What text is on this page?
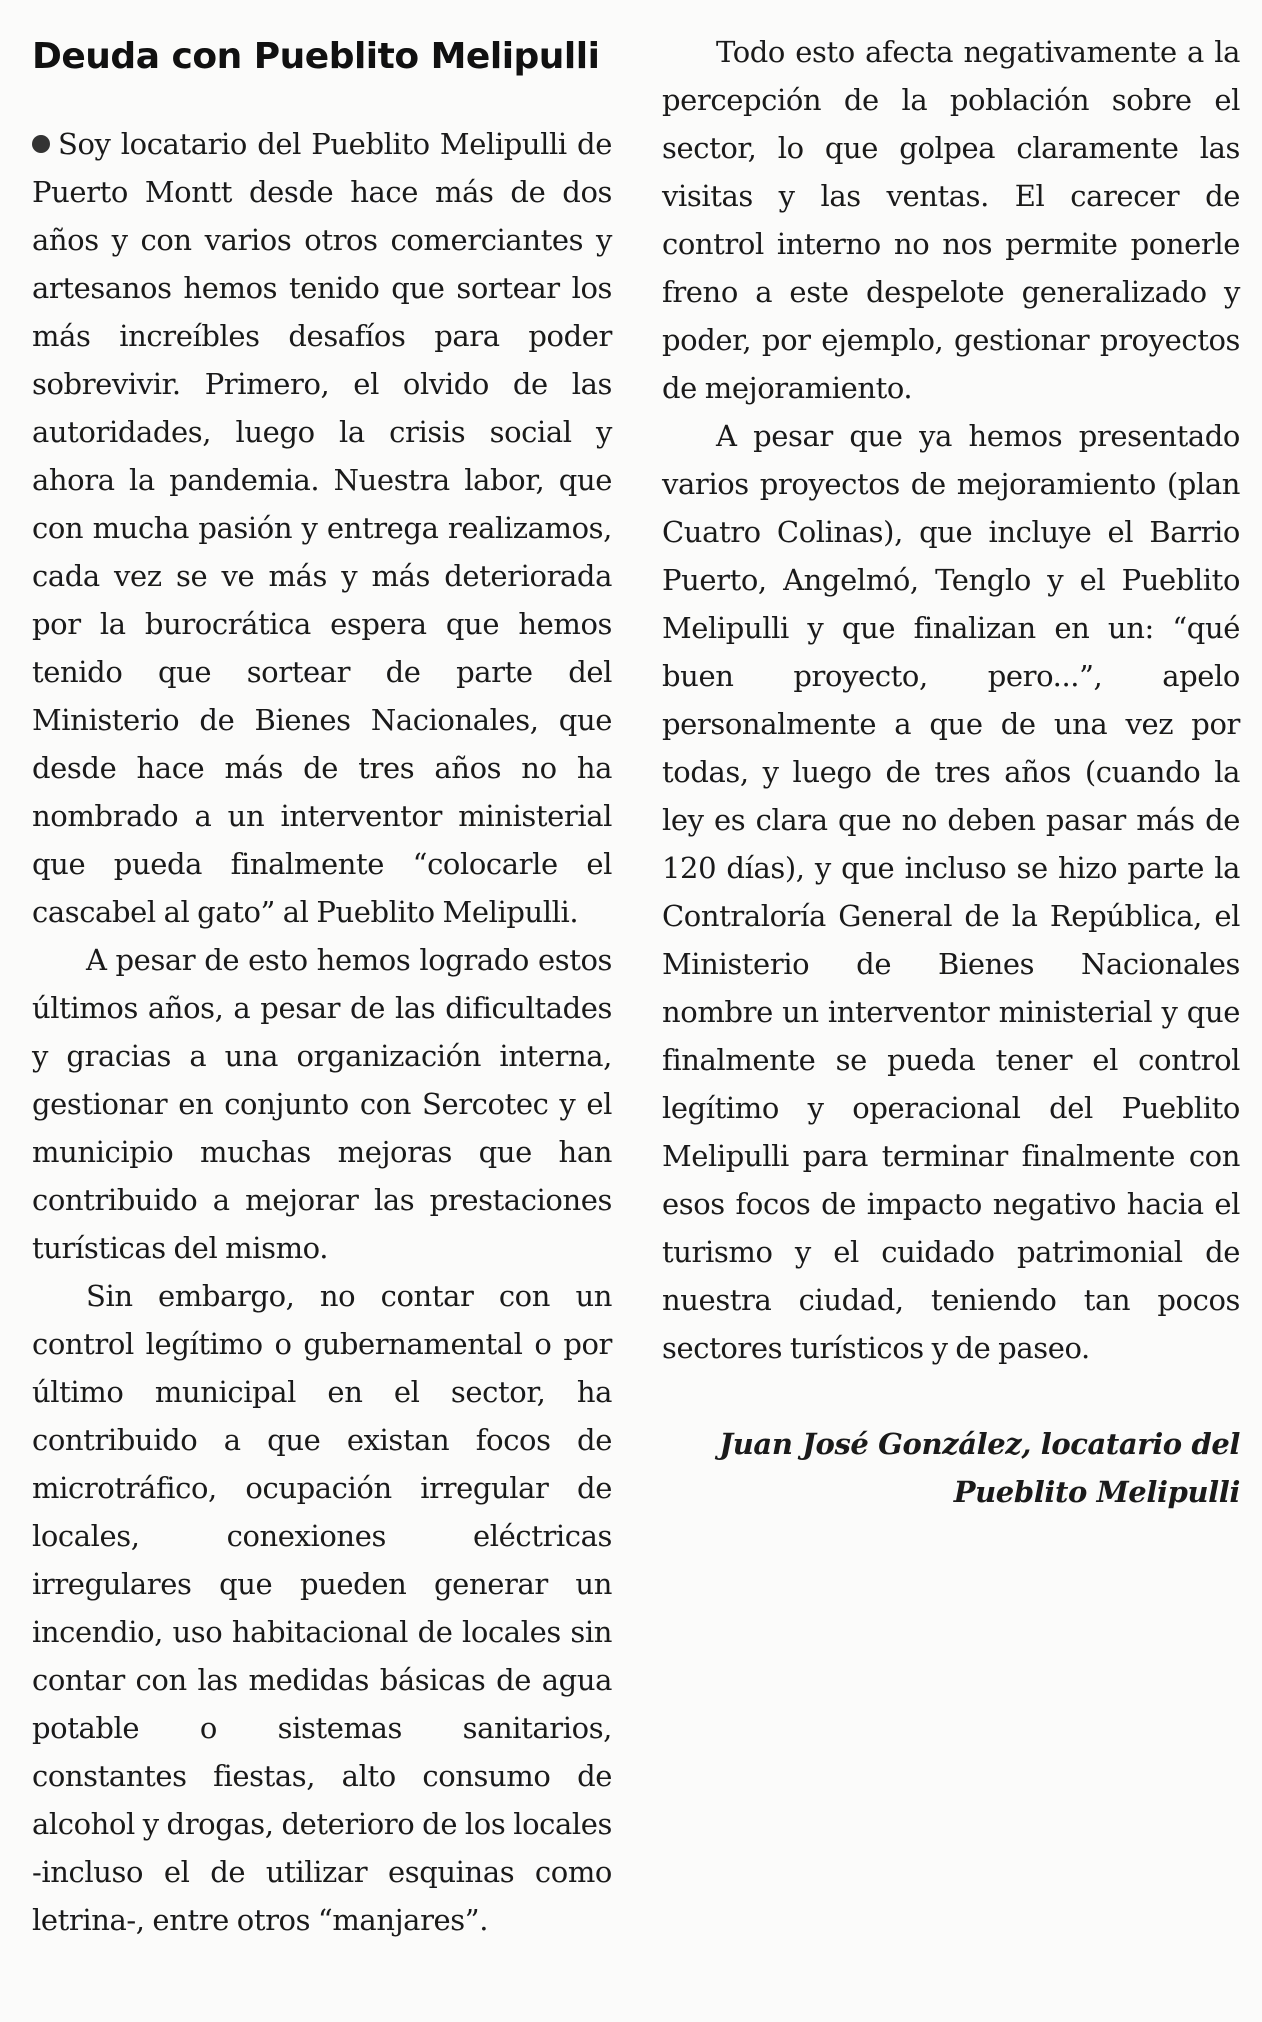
Deuda con Pueblito Melipulli

Soy locatario del Pueblito Melipulli de Puerto Montt desde hace más de dos años y con varios otros comerciantes y artesanos hemos tenido que sortear los más increíbles desafíos para poder sobrevivir. Primero, el olvido de las autoridades, luego la crisis social y ahora la pandemia. Nuestra labor, que con mucha pasión y entrega realizamos, cada vez se ve más y más deteriorada por la burocrática espera que hemos tenido que sortear de parte del Ministerio de Bienes Nacionales, que desde hace más de tres años no ha nombrado a un interventor ministerial que pueda finalmente “colocarle el cascabel al gato” al Pueblito Melipulli.

A pesar de esto hemos logrado estos últimos años, a pesar de las dificultades y gracias a una organización interna, gestionar en conjunto con Sercotec y el municipio muchas mejoras que han contribuido a mejorar las prestaciones turísticas del mismo.

Sin embargo, no contar con un control legítimo o gubernamental o por último municipal en el sector, ha contribuido a que existan focos de microtráfico, ocupación irregular de locales, conexiones eléctricas irregulares que pueden generar un incendio, uso habitacional de locales sin contar con las medidas básicas de agua potable o sistemas sanitarios, constantes fiestas, alto consumo de alcohol y drogas, deterioro de los locales -incluso el de utilizar esquinas como letrina-, entre otros “manjares”.

Todo esto afecta negativamente a la percepción de la población sobre el sector, lo que golpea claramente las visitas y las ventas. El carecer de control interno no nos permite ponerle freno a este despelote generalizado y poder, por ejemplo, gestionar proyectos de mejoramiento.

A pesar que ya hemos presentado varios proyectos de mejoramiento (plan Cuatro Colinas), que incluye el Barrio Puerto, Angelmó, Tenglo y el Pueblito Melipulli y que finalizan en un: “qué buen proyecto, pero...”, apelo personalmente a que de una vez por todas, y luego de tres años (cuando la ley es clara que no deben pasar más de 120 días), y que incluso se hizo parte la Contraloría General de la República, el Ministerio de Bienes Nacionales nombre un interventor ministerial y que finalmente se pueda tener el control legítimo y operacional del Pueblito Melipulli para terminar finalmente con esos focos de impacto negativo hacia el turismo y el cuidado patrimonial de nuestra ciudad, teniendo tan pocos sectores turísticos y de paseo.

Juan José González, locatario del
Pueblito Melipulli
